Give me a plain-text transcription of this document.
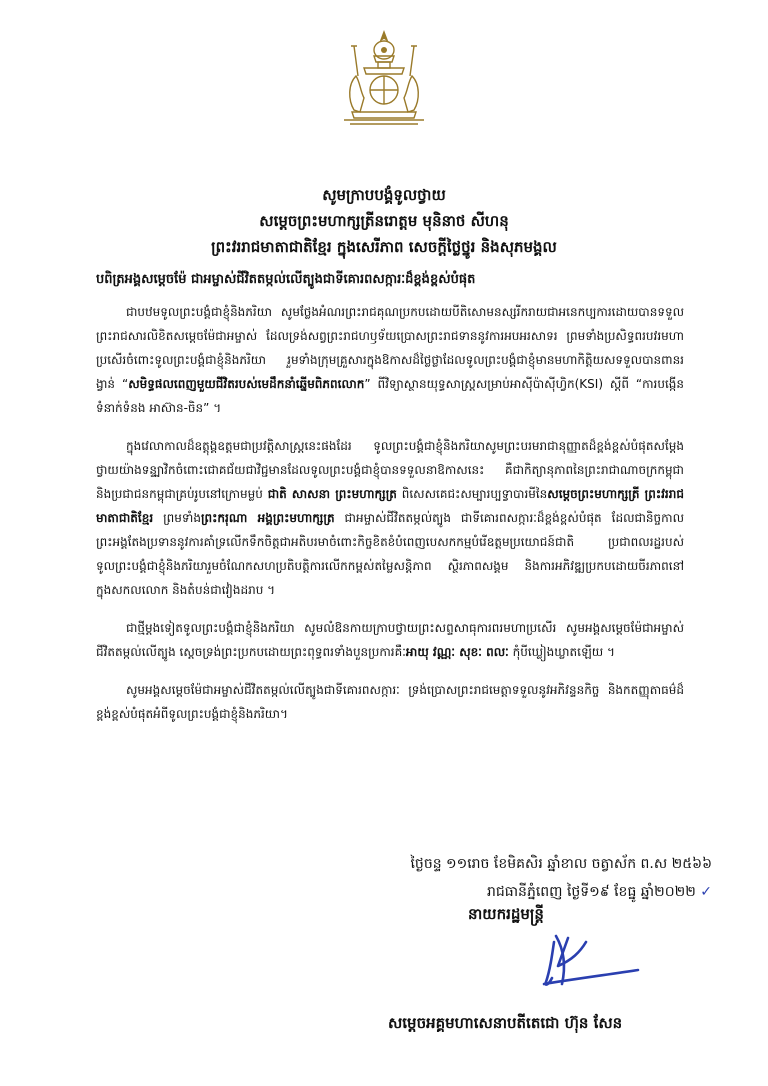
សូមក្រាបបង្គំទូលថ្វាយ
សម្តេចព្រះមហាក្សត្រីនរោត្តម មុនិនាថ សីហនុ
ព្រះវររាជមាតាជាតិខ្មែរ ក្នុងសេរីភាព សេចក្តីថ្លៃថ្នូរ និងសុភមង្គល
បពិត្រអង្គសម្តេចម៉ែ ជាអម្ចាស់ជីវិតតម្កល់លើត្បូងជាទីគោរពសក្ការៈដ៏ខ្ពង់ខ្ពស់បំផុត

ជាបឋមទូលព្រះបង្គំជាខ្ញុំនិងភរិយា សូមថ្លែងអំណរព្រះរាជគុណប្រកបដោយបីតិសោមនស្សរីករាយជាអនេកប្បការដោយបានទទួលព្រះរាជសារលិខិតសម្តេចម៉ែជាអម្ចាស់ ដែលទ្រង់សព្វព្រះរាជហឫទ័យប្រោសព្រះរាជទាននូវការអបអរសាទរ ព្រមទាំងប្រសិទ្ធពរបវរមហាប្រសើរចំពោះទូលព្រះបង្គំជាខ្ញុំនិងភរិយា រួមទាំងក្រុមគ្រួសារក្នុងឱកាសដ៏ថ្លៃថ្លាដែលទូលព្រះបង្គំជាខ្ញុំមានមហាកិត្តិយសទទួលបានពានរង្វាន់ “សមិទ្ធផលពេញមួយជីវិតរបស់មេដឹកនាំឆ្នើមពិភពលោក” ពីវិទ្យាស្ថានយុទ្ធសាស្ត្រសម្រាប់អាស៊ីប៉ាស៊ីហ្វិក(KSI) ស្តីពី “ការបង្កើនទំនាក់ទំនង អាស៊ាន-ចិន” ។

ក្នុងវេលាកាលដ៏ឧត្តុង្គឧត្តមជាប្រវត្តិសាស្ត្រនេះផងដែរ ទូលព្រះបង្គំជាខ្ញុំនិងភរិយាសូមព្រះបរមរាជានុញ្ញាតដ៏ខ្ពង់ខ្ពស់បំផុតសម្តែងថ្វាយយ៉ាងទន្ទ្បាវិកចំពោះជោគជ័យជាវិជ្ជមានដែលទូលព្រះបង្គំជាខ្ញុំបានទទួលនាឱកាសនេះ គឺជាកិត្យានុភាពនៃព្រះរាជាណាចក្រកម្ពុជា និងប្រជាជនកម្ពុជាគ្រប់រូបនៅក្រោមម្លប់ ជាតិ សាសនា ព្រះមហាក្សត្រ ពិសេសគេជះសម្បារប្បទ្វាបារមីនៃសម្តេចព្រះមហាក្សត្រី ព្រះវររាជមាតាជាតិខ្មែរ ព្រមទាំងព្រះករុណា អង្គព្រះមហាក្សត្រ ជាអម្ចាស់ជីវិតតម្កល់ត្បូង ជាទីគោរពសក្ការៈដ៏ខ្ពង់ខ្ពស់បំផុត ដែលជានិច្ចកាលព្រះអង្គតែងប្រទាននូវការគាំទ្រលើកទឹកចិត្តជាអតិបរមាចំពោះកិច្ចខិតខំបំពេញបេសកកម្មបំរើឧត្តមប្រយោជន៍ជាតិ ប្រជាពលរដ្ឋរបស់ទូលព្រះបង្គំជាខ្ញុំនិងភរិយារួមចំណែកសហប្រតិបត្តិការលើកកម្ពស់តម្លៃសន្តិភាព ស្ថិរភាពសង្គម និងការអភិវឌ្ឍប្រកបដោយចីរភាពនៅក្នុងសកលលោក និងតំបន់ជាវៀងដរាប ។

ជាថ្មីម្តងទៀតទូលព្រះបង្គំជាខ្ញុំនិងភរិយា សូមលំឱនកាយក្រាបថ្វាយព្រះសព្ទសាធុការពរមហាប្រសើរ សូមអង្គសម្តេចម៉ែជាអម្ចាស់ជីវិតតម្កល់លើត្បូង ស្តេចទ្រង់ព្រះប្រកបដោយព្រះពុទ្ធពរទាំងបួនប្រការគឺៈអាយុ វណ្ណៈ សុខៈ ពលៈ កុំបីឃ្លៀងឃ្លាតឡើយ ។

សូមអង្គសម្តេចម៉ែជាអម្ចាស់ជីវិតតម្កល់លើត្បូងជាទីគោរពសក្ការៈ ទ្រង់ប្រោសព្រះរាជមេត្តាទទួលនូវអភិវន្ទនកិច្ច និងកតញ្ញុតាធម៌ដ៏ខ្ពង់ខ្ពស់បំផុតអំពីទូលព្រះបង្គំជាខ្ញុំនិងភរិយា។

ថ្ងៃចន្ទ ១១រោច ខែមិគសិរ ឆ្នាំខាល ចត្វាស័ក ព.ស ២៥៦៦
រាជធានីភ្នំពេញ ថ្ងៃទី១៩ ខែធ្នូ ឆ្នាំ២០២២ ✓
នាយករដ្ឋមន្ត្រី
សម្តេចអគ្គមហាសេនាបតីតេជោ ហ៊ុន សែន
